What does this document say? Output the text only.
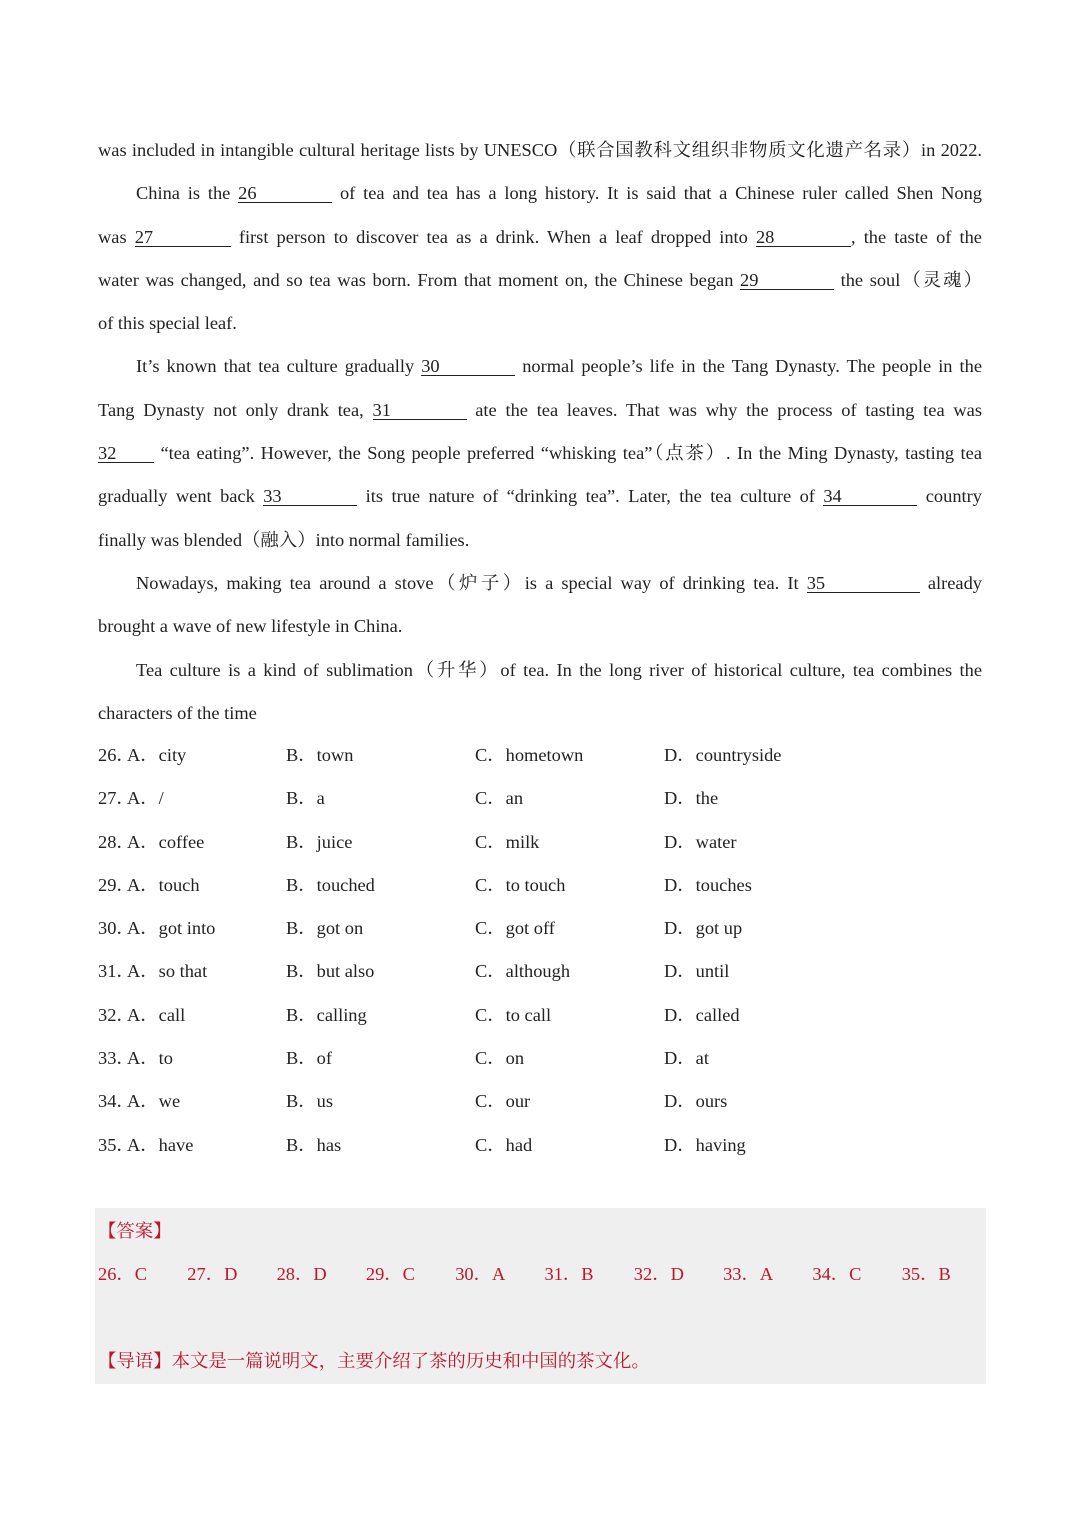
was included in intangible cultural heritage lists by UNESCO（联合国教科文组织非物质文化遗产名录）in 2022.
China is the 26	of tea and tea has a long history. It is said that a Chinese ruler called Shen Nong
was 27	first person to discover tea as a drink. When a leaf dropped into 28	, the taste of the
water was changed, and so tea was born. From that moment on, the Chinese began 29	the soul（灵魂）
of this special leaf.
It’s known that tea culture gradually 30	normal people’s life in the Tang Dynasty. The people in the
Tang Dynasty not only drank tea, 31	ate the tea leaves. That was why the process of tasting tea was
32 “tea eating”. However, the Song people preferred “whisking tea”（点茶）. In the Ming Dynasty, tasting tea
gradually went back 33	its true nature of “drinking tea”. Later, the tea culture of 34	country
finally was blended（融入）into normal families.
Nowadays, making tea around a stove（炉子）is a special way of drinking tea. It 35	already
brought a wave of new lifestyle in China.
Tea culture is a kind of sublimation（升华）of tea. In the long river of historical culture, tea combines the
characters of the time
26．
A．city	B．town	C．hometown	D．countryside
27．
A．/	B．a	C．an	D．the
28．
A．coffee	B．juice	C．milk	D．water
29．
A．touch	B．touched	C．to touch	D．touches
30．
A．got into	B．got on	C．got off	D．got up
31．
A．so that	B．but also	C．although	D．until
32．
A．call	B．calling	C．to call	D．called
33．
A．to	B．of	C．on	D．at
34．
A．we	B．us	C．our	D．ours
35．
A．have	B．has	C．had	D．having
【答案】
26．C 27．D 28．D 29．C 30．A 31．B 32．D 33．A 34．C 35．B
【导语】本文是一篇说明文，主要介绍了茶的历史和中国的茶文化。
